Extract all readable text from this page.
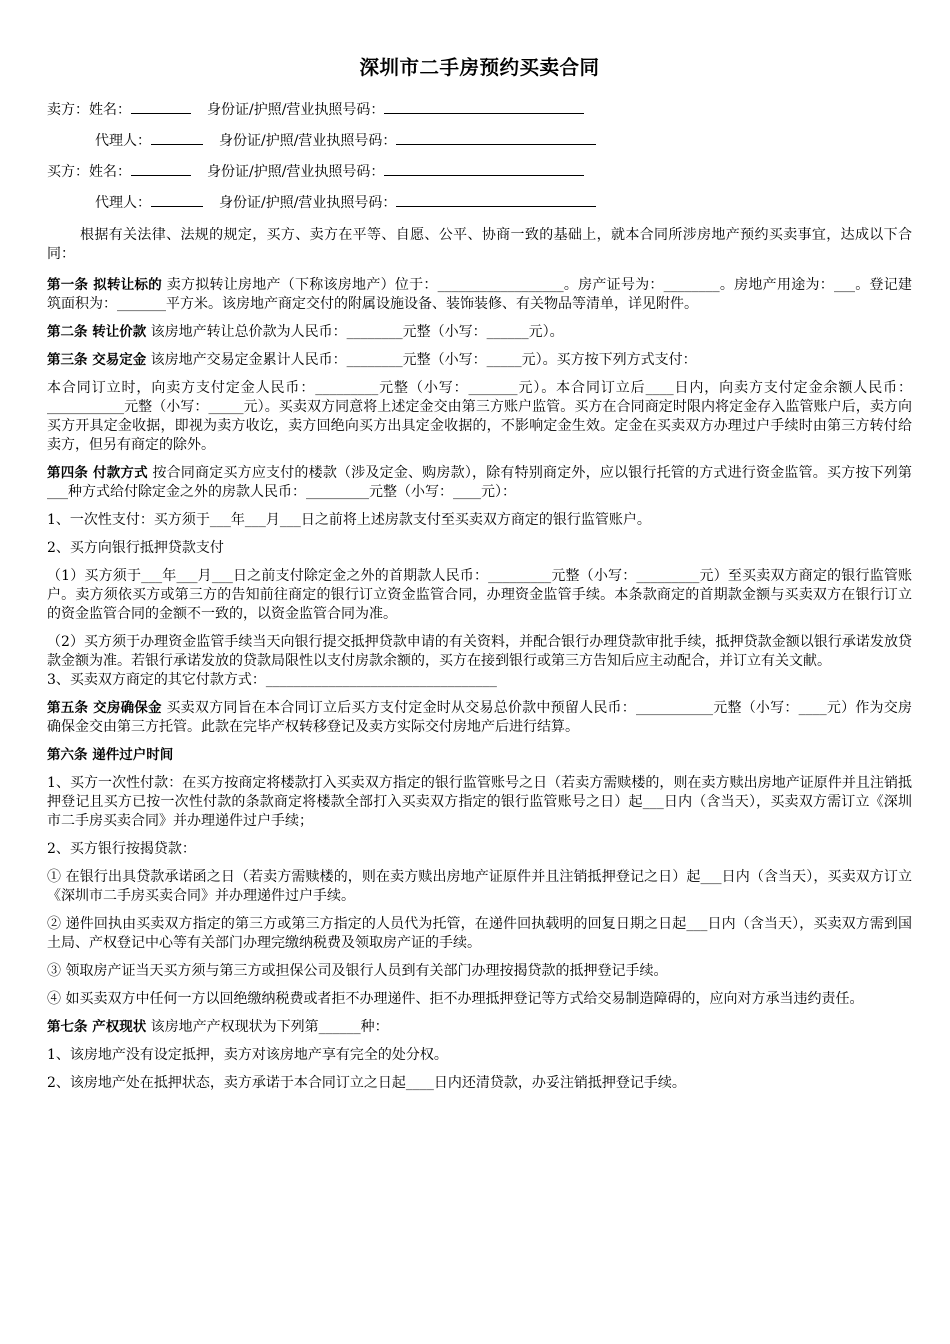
深圳市二手房预约买卖合同
卖方：姓名：	身份证/护照/营业执照号码：
代理人：	身份证/护照/营业执照号码：
买方：姓名：	身份证/护照/营业执照号码：
代理人：	身份证/护照/营业执照号码：

根据有关法律、法规的规定，买方、卖方在平等、自愿、公平、协商一致的基础上，就本合同所涉房地产预约买卖事宜，达成以下合同：

第一条 拟转让标的 卖方拟转让房地产（下称该房地产）位于：__________________。房产证号为：________。房地产用途为：___。登记建筑面积为：_______平方米。该房地产商定交付的附属设施设备、装饰装修、有关物品等清单，详见附件。

第二条 转让价款 该房地产转让总价款为人民币：________元整（小写：______元）。

第三条 交易定金 该房地产交易定金累计人民币：________元整（小写：_____元）。买方按下列方式支付：

本合同订立时，向卖方支付定金人民币：_________元整（小写：_______元）。本合同订立后____日内，向卖方支付定金余额人民币：___________元整（小写：_____元）。买卖双方同意将上述定金交由第三方账户监管。买方在合同商定时限内将定金存入监管账户后，卖方向买方开具定金收据，即视为卖方收讫，卖方回绝向买方出具定金收据的，不影响定金生效。定金在买卖双方办理过户手续时由第三方转付给卖方，但另有商定的除外。

第四条 付款方式 按合同商定买方应支付的楼款（涉及定金、购房款），除有特别商定外，应以银行托管的方式进行资金监管。买方按下列第___种方式给付除定金之外的房款人民币：_________元整（小写：____元）：

1、一次性支付：买方须于___年___月___日之前将上述房款支付至买卖双方商定的银行监管账户。

2、买方向银行抵押贷款支付

（1）买方须于___年___月___日之前支付除定金之外的首期款人民币：_________元整（小写：_________元）至买卖双方商定的银行监管账户。卖方须依买方或第三方的告知前往商定的银行订立资金监管合同，办理资金监管手续。本条款商定的首期款金额与买卖双方在银行订立的资金监管合同的金额不一致的，以资金监管合同为准。

（2）买方须于办理资金监管手续当天向银行提交抵押贷款申请的有关资料，并配合银行办理贷款审批手续，抵押贷款金额以银行承诺发放贷款金额为准。若银行承诺发放的贷款局限性以支付房款余额的，买方在接到银行或第三方告知后应主动配合，并订立有关文献。

3、买卖双方商定的其它付款方式：_________________________________

第五条 交房确保金 买卖双方同旨在本合同订立后买方支付定金时从交易总价款中预留人民币：___________元整（小写：____元）作为交房确保金交由第三方托管。此款在完毕产权转移登记及卖方实际交付房地产后进行结算。

第六条 递件过户时间

1、买方一次性付款：在买方按商定将楼款打入买卖双方指定的银行监管账号之日（若卖方需赎楼的，则在卖方赎出房地产证原件并且注销抵押登记且买方已按一次性付款的条款商定将楼款全部打入买卖双方指定的银行监管账号之日）起___日内（含当天），买卖双方需订立《深圳市二手房买卖合同》并办理递件过户手续；

2、买方银行按揭贷款：

① 在银行出具贷款承诺函之日（若卖方需赎楼的，则在卖方赎出房地产证原件并且注销抵押登记之日）起___日内（含当天），买卖双方订立《深圳市二手房买卖合同》并办理递件过户手续。

② 递件回执由买卖双方指定的第三方或第三方指定的人员代为托管，在递件回执载明的回复日期之日起___日内（含当天），买卖双方需到国土局、产权登记中心等有关部门办理完缴纳税费及领取房产证的手续。

③ 领取房产证当天买方须与第三方或担保公司及银行人员到有关部门办理按揭贷款的抵押登记手续。

④ 如买卖双方中任何一方以回绝缴纳税费或者拒不办理递件、拒不办理抵押登记等方式给交易制造障碍的，应向对方承当违约责任。

第七条 产权现状 该房地产产权现状为下列第______种：

1、该房地产没有设定抵押，卖方对该房地产享有完全的处分权。

2、该房地产处在抵押状态，卖方承诺于本合同订立之日起____日内还清贷款，办妥注销抵押登记手续。
